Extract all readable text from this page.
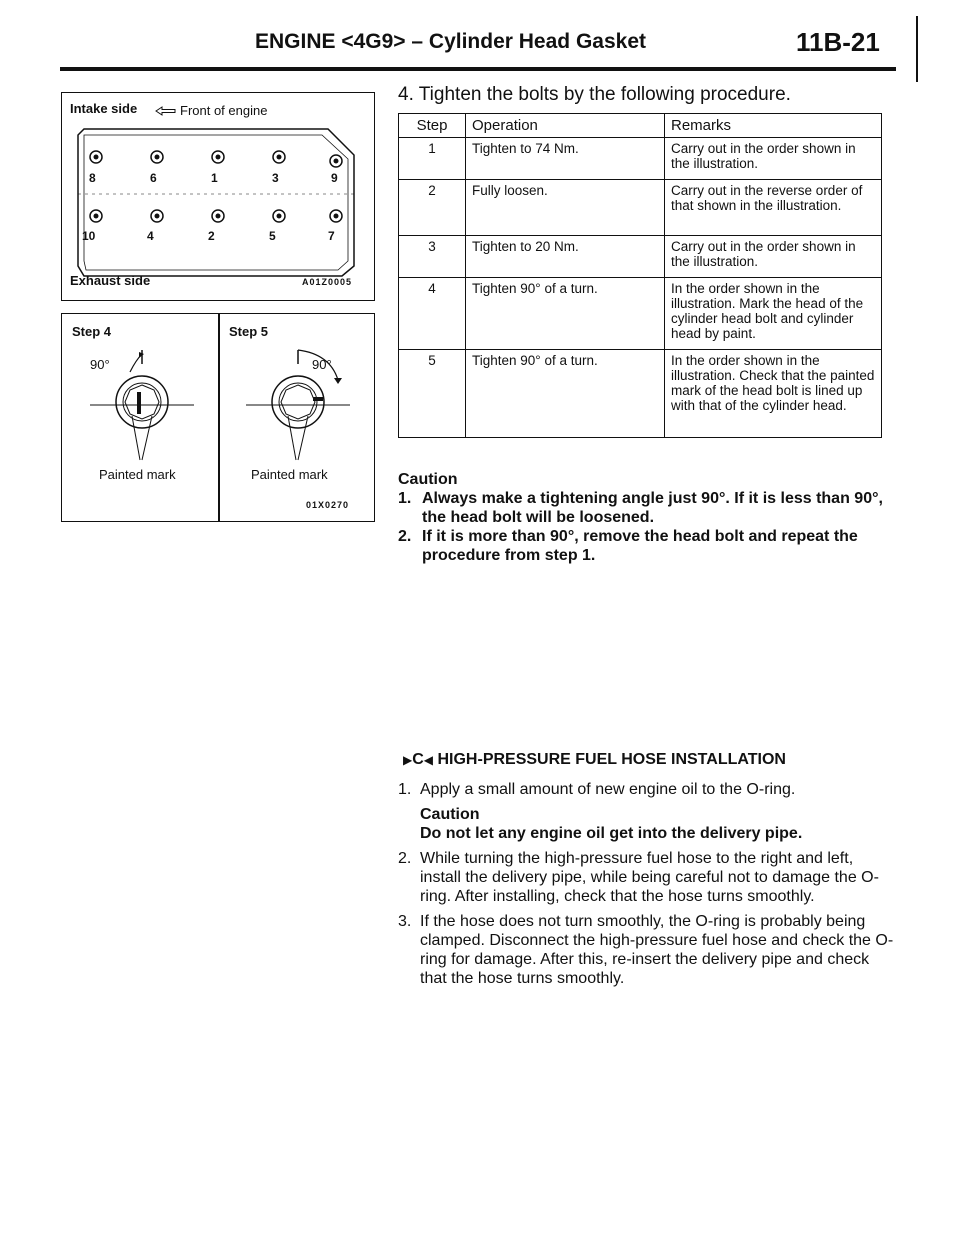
ENGINE <4G9> – Cylinder Head Gasket	11B-21
Intake side	Front of engine
8	6	1	3	9
10	4	2	5	7
Exhaust side	A01Z0005
Step 4	Step 5
90°	90°
Painted mark	Painted mark
01X0270
4. Tighten the bolts by the following procedure.
Step	Operation	Remarks
1	Tighten to 74 Nm.	Carry out in the order shown in the illustration.
2	Fully loosen.	Carry out in the reverse order of that shown in the illustration.
3	Tighten to 20 Nm.	Carry out in the order shown in the illustration.
4	Tighten 90° of a turn.	In the order shown in the illustration. Mark the head of the cylinder head bolt and cylinder head by paint.
5	Tighten 90° of a turn.	In the order shown in the illustration. Check that the painted mark of the head bolt is lined up with that of the cylinder head.
Caution
1. Always make a tightening angle just 90°. If it is less than 90°, the head bolt will be loosened.
2. If it is more than 90°, remove the head bolt and repeat the procedure from step 1.
▶C◀ HIGH-PRESSURE FUEL HOSE INSTALLATION
1. Apply a small amount of new engine oil to the O-ring.
Caution
Do not let any engine oil get into the delivery pipe.
2. While turning the high-pressure fuel hose to the right and left, install the delivery pipe, while being careful not to damage the O-ring. After installing, check that the hose turns smoothly.
3. If the hose does not turn smoothly, the O-ring is probably being clamped. Disconnect the high-pressure fuel hose and check the O-ring for damage. After this, re-insert the delivery pipe and check that the hose turns smoothly.
